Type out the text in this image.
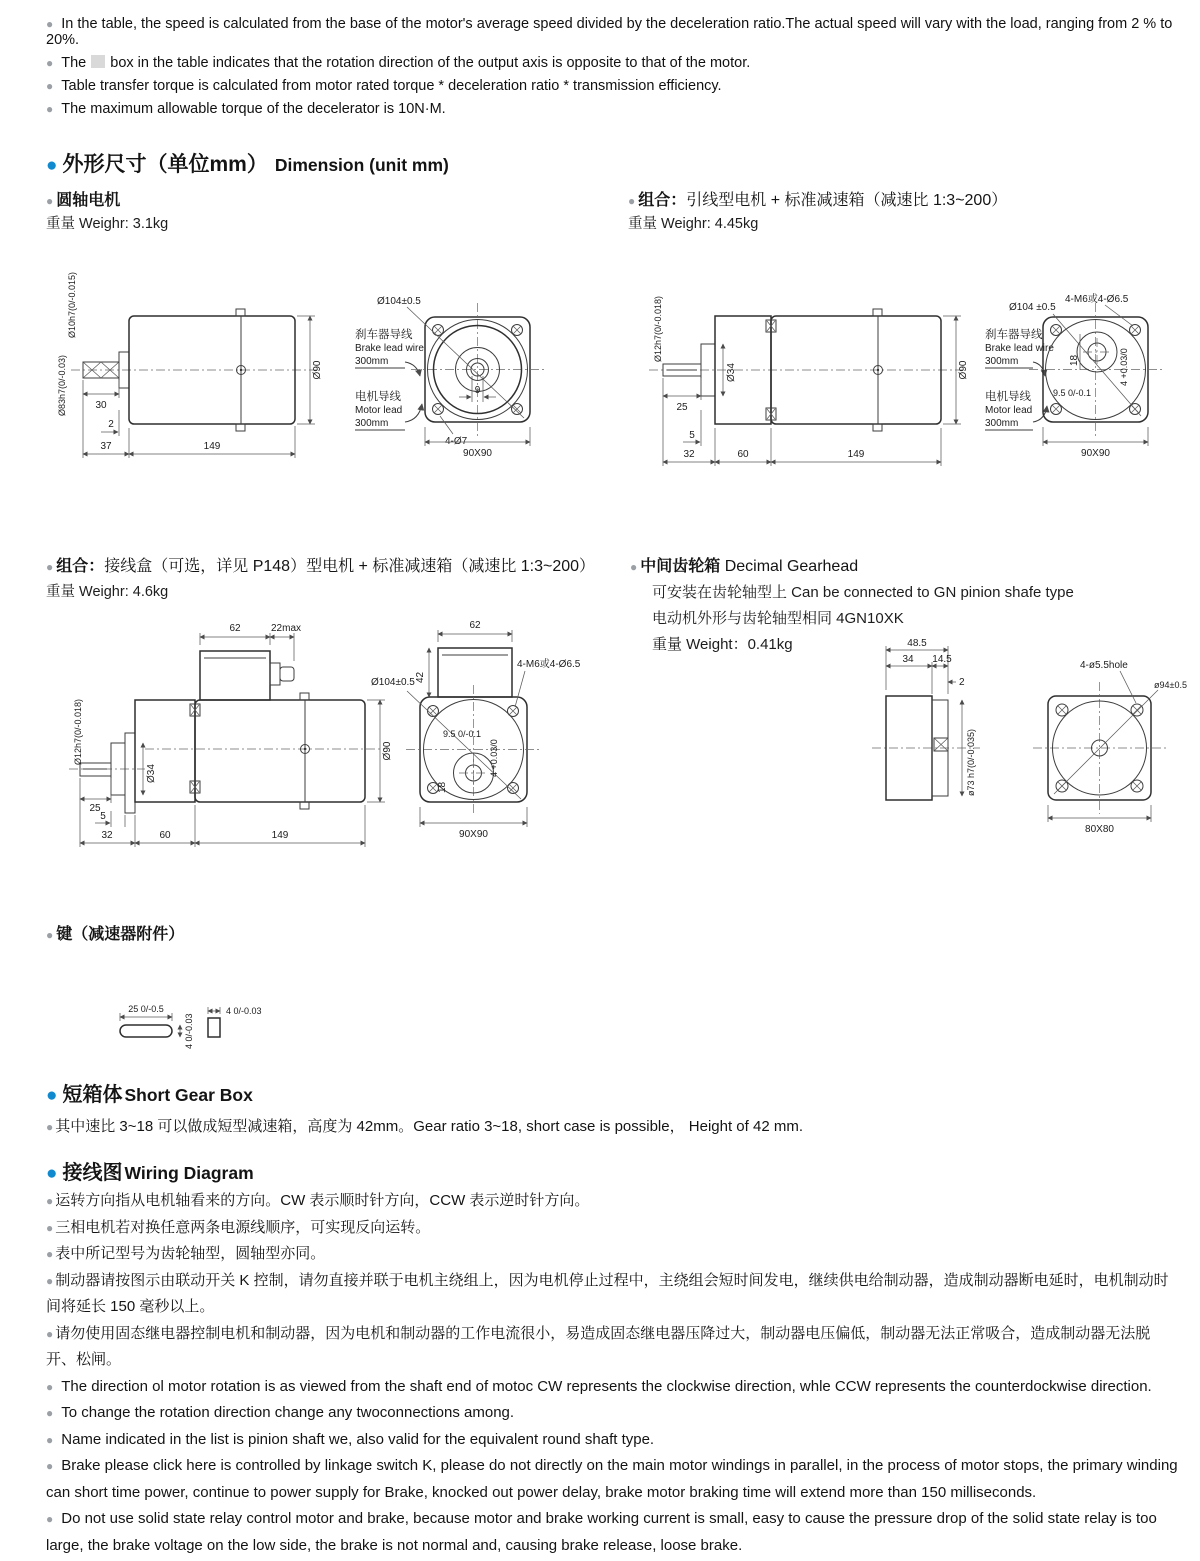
● In the table, the speed is calculated from the base of the motor's average speed divided by the deceleration ratio.The actual speed will vary with the load, ranging from 2 % to 20%.
● The box in the table indicates that the rotation direction of the output axis is opposite to that of the motor.
● Table transfer torque is calculated from motor rated torque * deceleration ratio * transmission efficiency.
● The maximum allowable torque of the decelerator is 10N·M.
● 外形尺寸（单位mm） Dimension (unit mm)
● 圆轴电机
重量 Weighr: 3.1kg
● 组合：引线型电机 + 标准减速箱（减速比 1:3~200）
重量 Weighr: 4.45kg
Ø10h7(0/-0.015)
Ø83h7(0/-0.03)	30
2
37	149
Ø90
刹车器导线
Brake lead wire
300mm
电机导线
Motor lead
300mm
Ø104±0.5
9
4-Ø7
90X90
Ø12h7(0/-0.018)
Ø34
25
5
32	60	149
Ø90
刹车器导线
Brake lead wire
300mm
电机导线
Motor lead
300mm
Ø104 ±0.5
4-M6或4-Ø6.5
18
9.5 0/-0.1
4 +0.03/0
90X90
● 组合：接线盒（可选，详见 P148）型电机 + 标准减速箱（减速比 1:3~200）
重量 Weighr: 4.6kg
● 中间齿轮箱 Decimal Gearhead
可安装在齿轮轴型上 Can be connected to GN pinion shafe type
电动机外形与齿轮轴型相同 4GN10XK
重量 Weight：0.41kg
62	22max
Ø12h7(0/-0.018)
Ø34
25
5
32	60	149
Ø90
62
42
Ø104±0.5
4-M6或4-Ø6.5
9.5 0/-0.1
18
4 +0.03/0
90X90
48.5
34 14.5
2
ø73 h7(0/-0.035)
ø94±0.5
4-ø5.5hole
80X80
● 键（减速器附件）
25 0/-0.5
4 0/-0.03
4 0/-0.03
● 短箱体 Short Gear Box
● 其中速比 3~18 可以做成短型减速箱，高度为 42mm。Gear ratio 3~18, short case is possible， Height of 42 mm.
● 接线图 Wiring Diagram
● 运转方向指从电机轴看来的方向。CW 表示顺时针方向，CCW 表示逆时针方向。
● 三相电机若对换任意两条电源线顺序，可实现反向运转。
● 表中所记型号为齿轮轴型，圆轴型亦同。
● 制动器请按图示由联动开关 K 控制，请勿直接并联于电机主绕组上，因为电机停止过程中，主绕组会短时间发电，继续供电给制动器，造成制动器断电延时，电机制动时间将延长 150 毫秒以上。
● 请勿使用固态继电器控制电机和制动器，因为电机和制动器的工作电流很小，易造成固态继电器压降过大，制动器电压偏低，制动器无法正常吸合，造成制动器无法脱开、松闸。
● The direction ol motor rotation is as viewed from the shaft end of motoc CW represents the clockwise direction, whle CCW represents the counterdockwise direction.
● To change the rotation direction change any twoconnections among.
● Name indicated in the list is pinion shaft we, also valid for the equivalent round shaft type.
● Brake please click here is controlled by linkage switch K, please do not directly on the main motor windings in parallel, in the process of motor stops, the primary winding can short time power, continue to power supply for Brake, knocked out power delay, brake motor braking time will extend more than 150 milliseconds.
● Do not use solid state relay control motor and brake, because motor and brake working current is small, easy to cause the pressure drop of the solid state relay is too large, the brake voltage on the low side, the brake is not normal and, causing brake release, loose brake.
